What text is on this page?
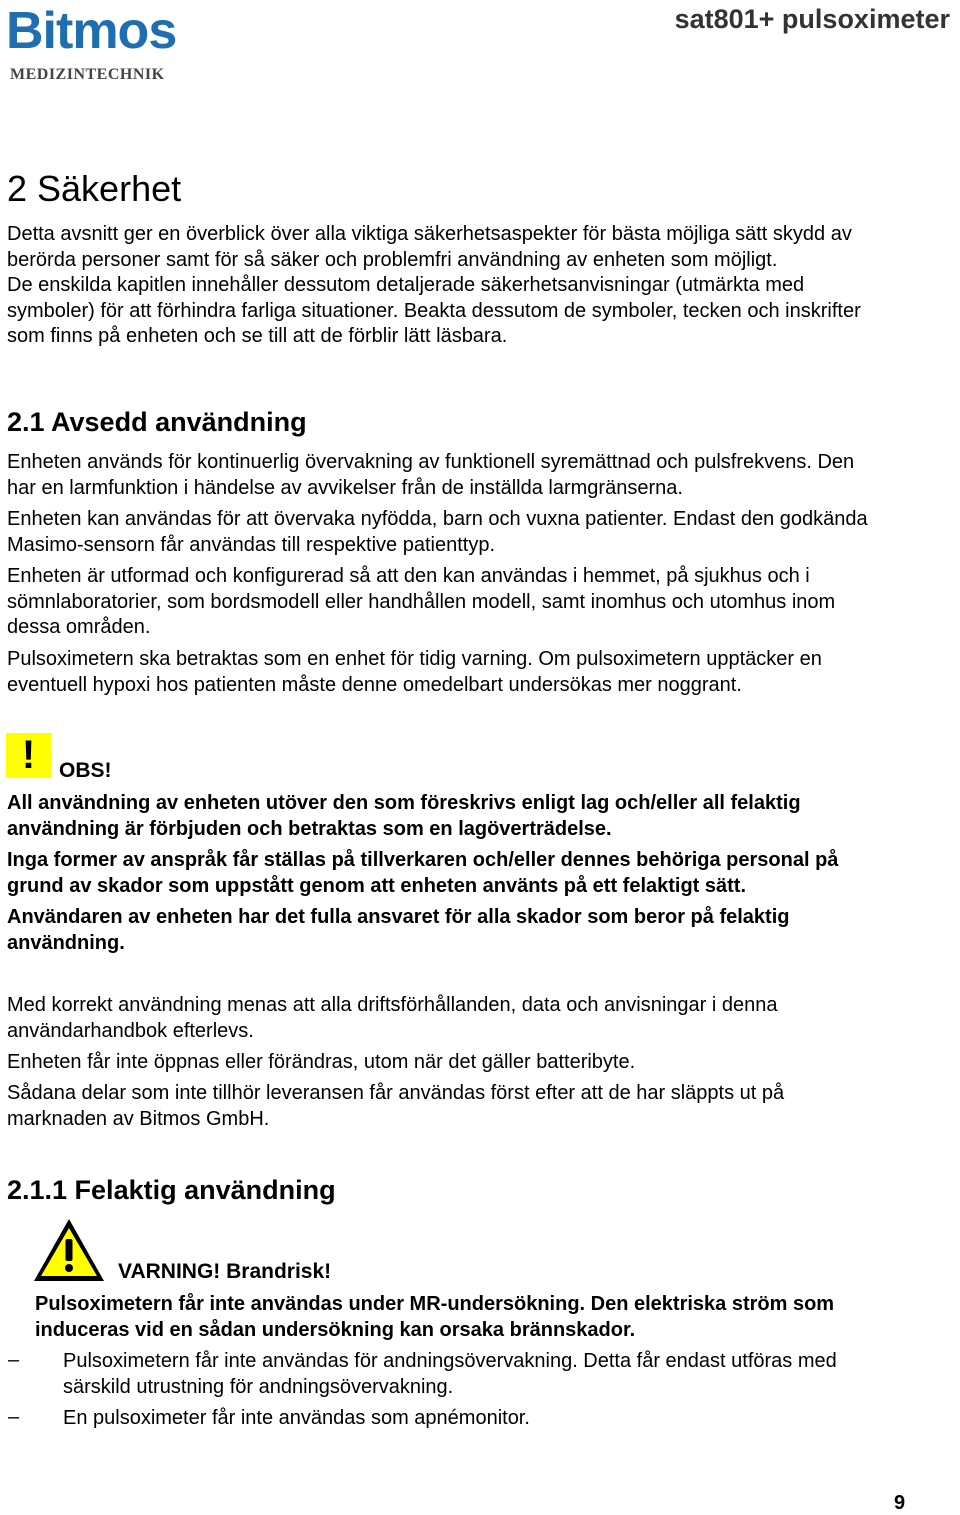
Bitmos
MEDIZINTECHNIK
sat801+ pulsoximeter
2 Säkerhet
Detta avsnitt ger en överblick över alla viktiga säkerhetsaspekter för bästa möjliga sätt skydd av
berörda personer samt för så säker och problemfri användning av enheten som möjligt.
De enskilda kapitlen innehåller dessutom detaljerade säkerhetsanvisningar (utmärkta med
symboler) för att förhindra farliga situationer. Beakta dessutom de symboler, tecken och inskrifter
som finns på enheten och se till att de förblir lätt läsbara.
2.1 Avsedd användning
Enheten används för kontinuerlig övervakning av funktionell syremättnad och pulsfrekvens. Den
har en larmfunktion i händelse av avvikelser från de inställda larmgränserna.
Enheten kan användas för att övervaka nyfödda, barn och vuxna patienter. Endast den godkända
Masimo-sensorn får användas till respektive patienttyp.
Enheten är utformad och konfigurerad så att den kan användas i hemmet, på sjukhus och i
sömnlaboratorier, som bordsmodell eller handhållen modell, samt inomhus och utomhus inom
dessa områden.
Pulsoximetern ska betraktas som en enhet för tidig varning. Om pulsoximetern upptäcker en
eventuell hypoxi hos patienten måste denne omedelbart undersökas mer noggrant.
!	OBS!
All användning av enheten utöver den som föreskrivs enligt lag och/eller all felaktig
användning är förbjuden och betraktas som en lagöverträdelse.
Inga former av anspråk får ställas på tillverkaren och/eller dennes behöriga personal på
grund av skador som uppstått genom att enheten använts på ett felaktigt sätt.
Användaren av enheten har det fulla ansvaret för alla skador som beror på felaktig
användning.
Med korrekt användning menas att alla driftsförhållanden, data och anvisningar i denna
användarhandbok efterlevs.
Enheten får inte öppnas eller förändras, utom när det gäller batteribyte.
Sådana delar som inte tillhör leveransen får användas först efter att de har släppts ut på
marknaden av Bitmos GmbH.
2.1.1 Felaktig användning
VARNING! Brandrisk!
Pulsoximetern får inte användas under MR-undersökning. Den elektriska ström som
induceras vid en sådan undersökning kan orsaka brännskador.
– Pulsoximetern får inte användas för andningsövervakning. Detta får endast utföras med
särskild utrustning för andningsövervakning.
– En pulsoximeter får inte användas som apnémonitor.
9
